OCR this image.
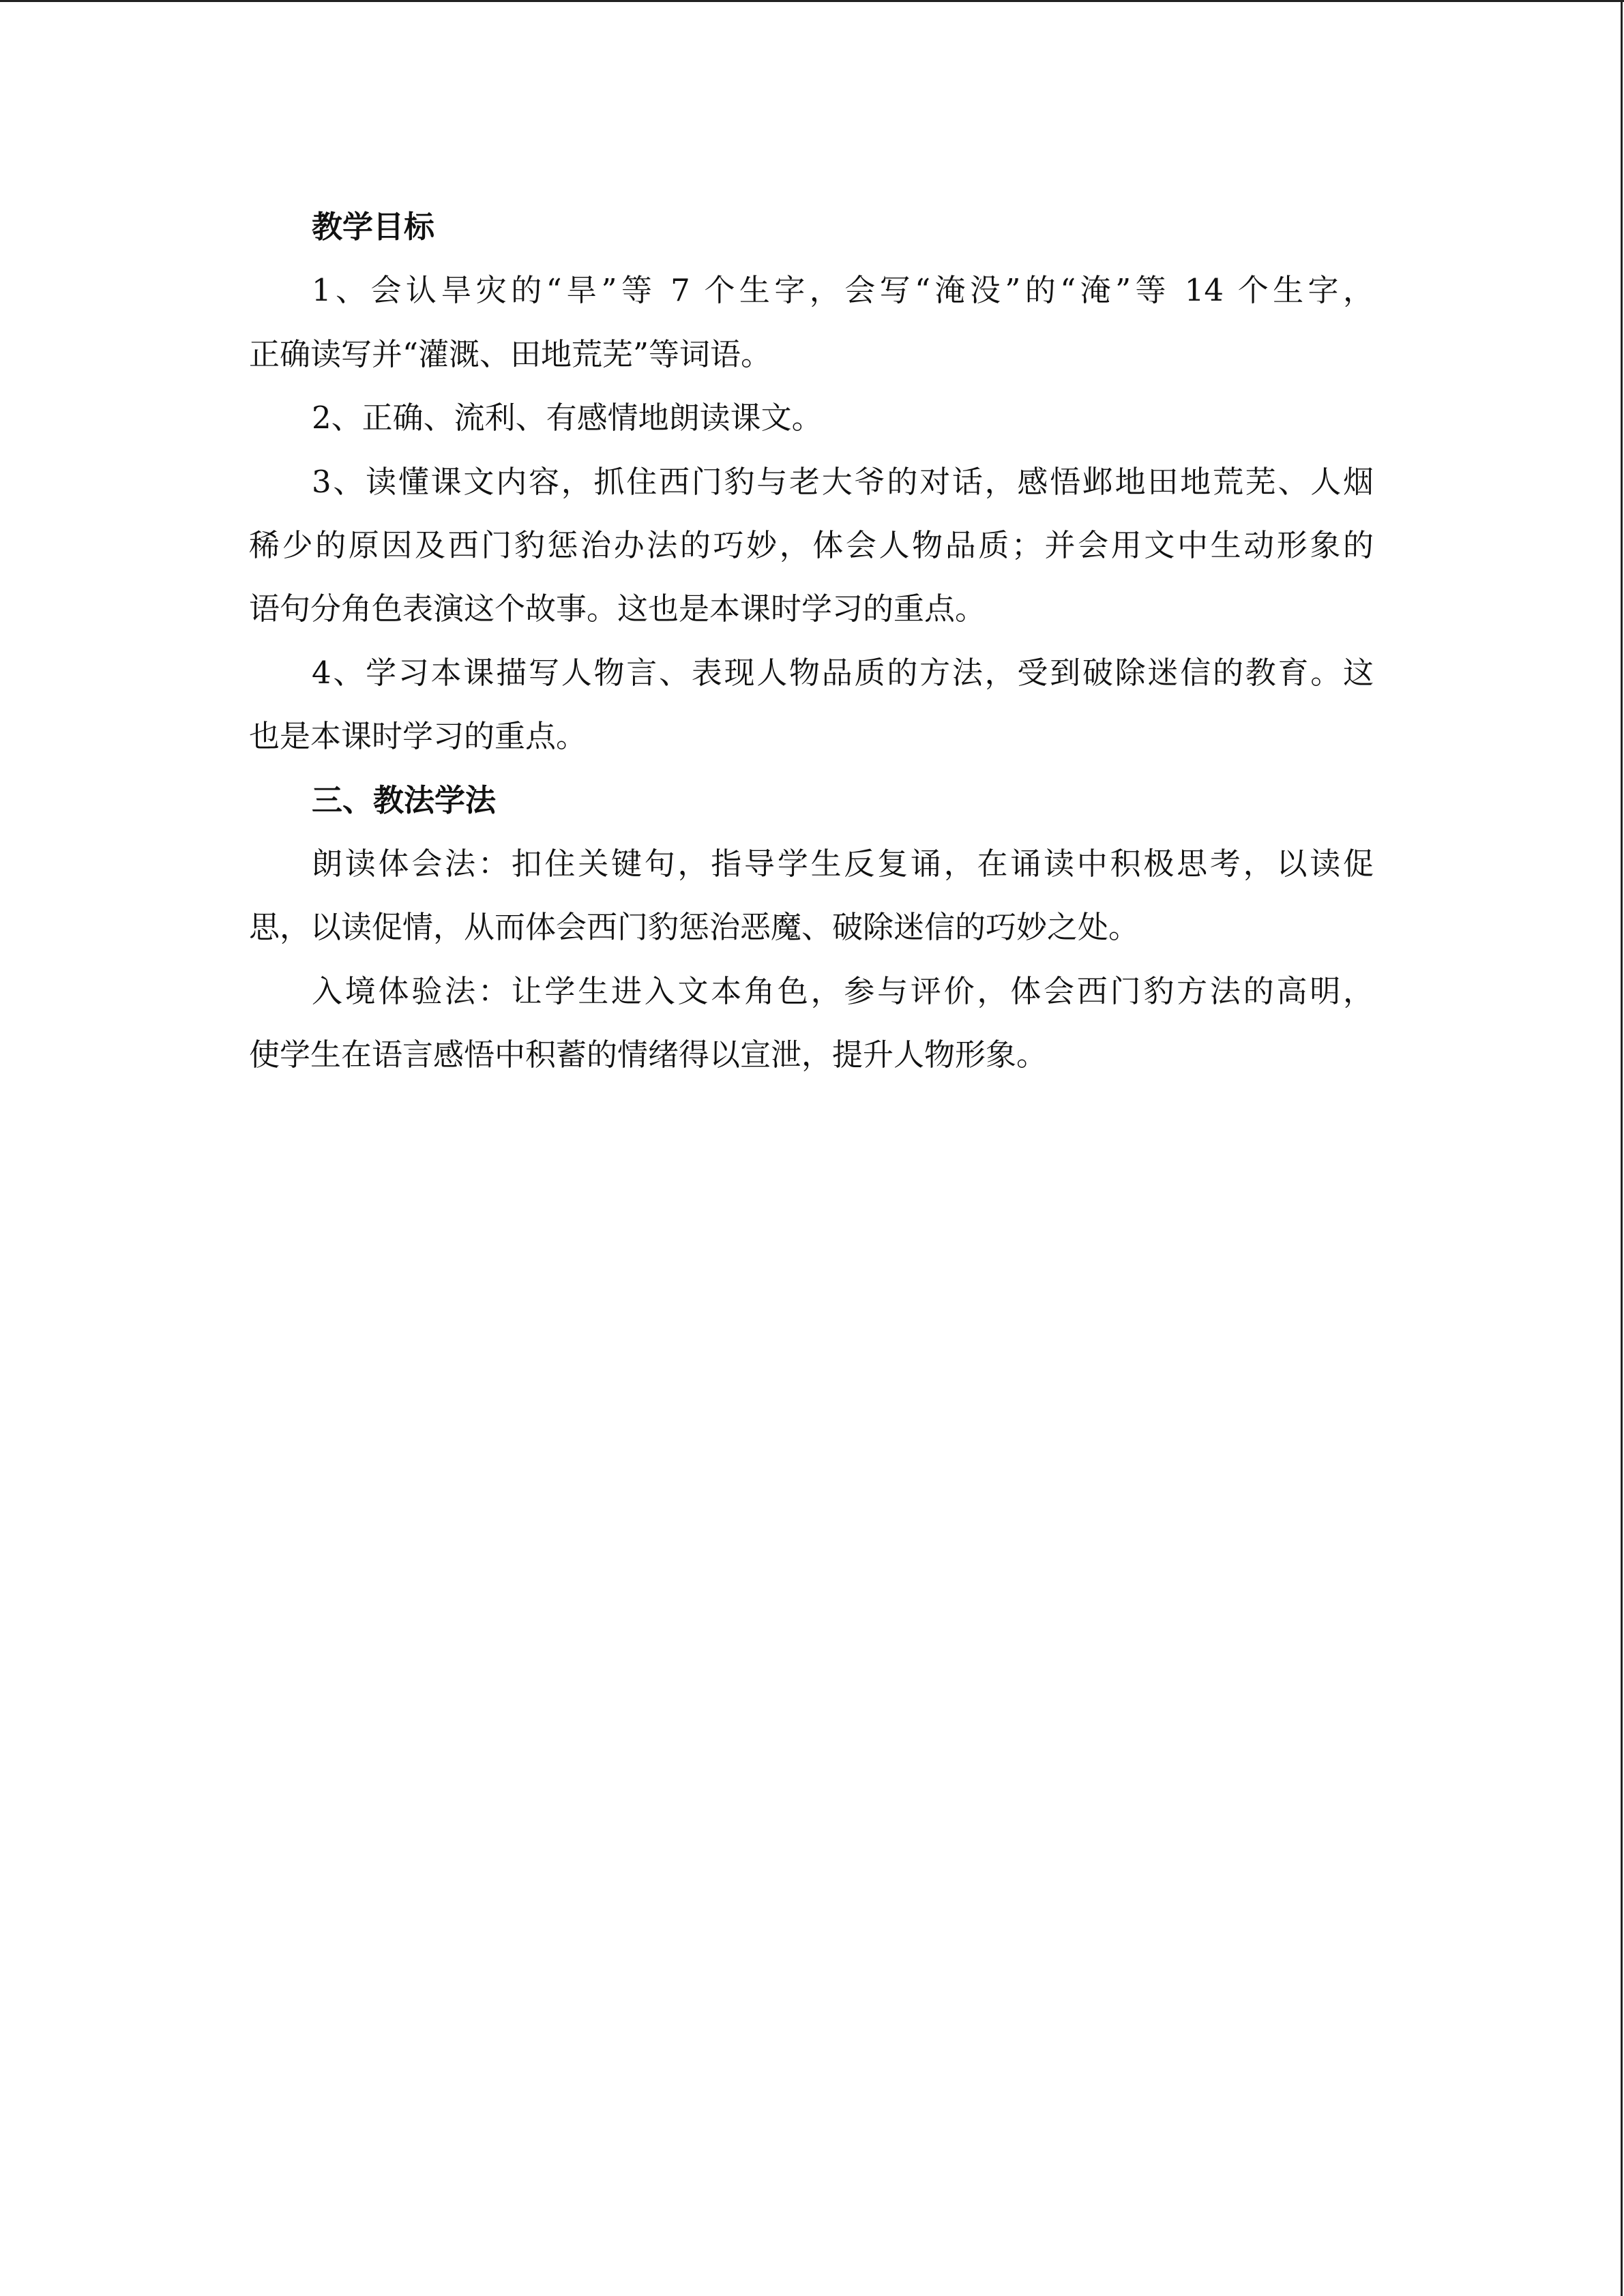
教学目标
1、会认旱灾的“旱”等 7 个生字，会写“淹没”的“淹”等 14 个生字，
正确读写并“灌溉、田地荒芜”等词语。
2、正确、流利、有感情地朗读课文。
3、读懂课文内容，抓住西门豹与老大爷的对话，感悟邺地田地荒芜、人烟
稀少的原因及西门豹惩治办法的巧妙，体会人物品质；并会用文中生动形象的
语句分角色表演这个故事。这也是本课时学习的重点。
4、学习本课描写人物言、表现人物品质的方法，受到破除迷信的教育。这
也是本课时学习的重点。
三、教法学法
朗读体会法：扣住关键句，指导学生反复诵，在诵读中积极思考，以读促
思，以读促情，从而体会西门豹惩治恶魔、破除迷信的巧妙之处。
入境体验法：让学生进入文本角色，参与评价，体会西门豹方法的高明，
使学生在语言感悟中积蓄的情绪得以宣泄，提升人物形象。
